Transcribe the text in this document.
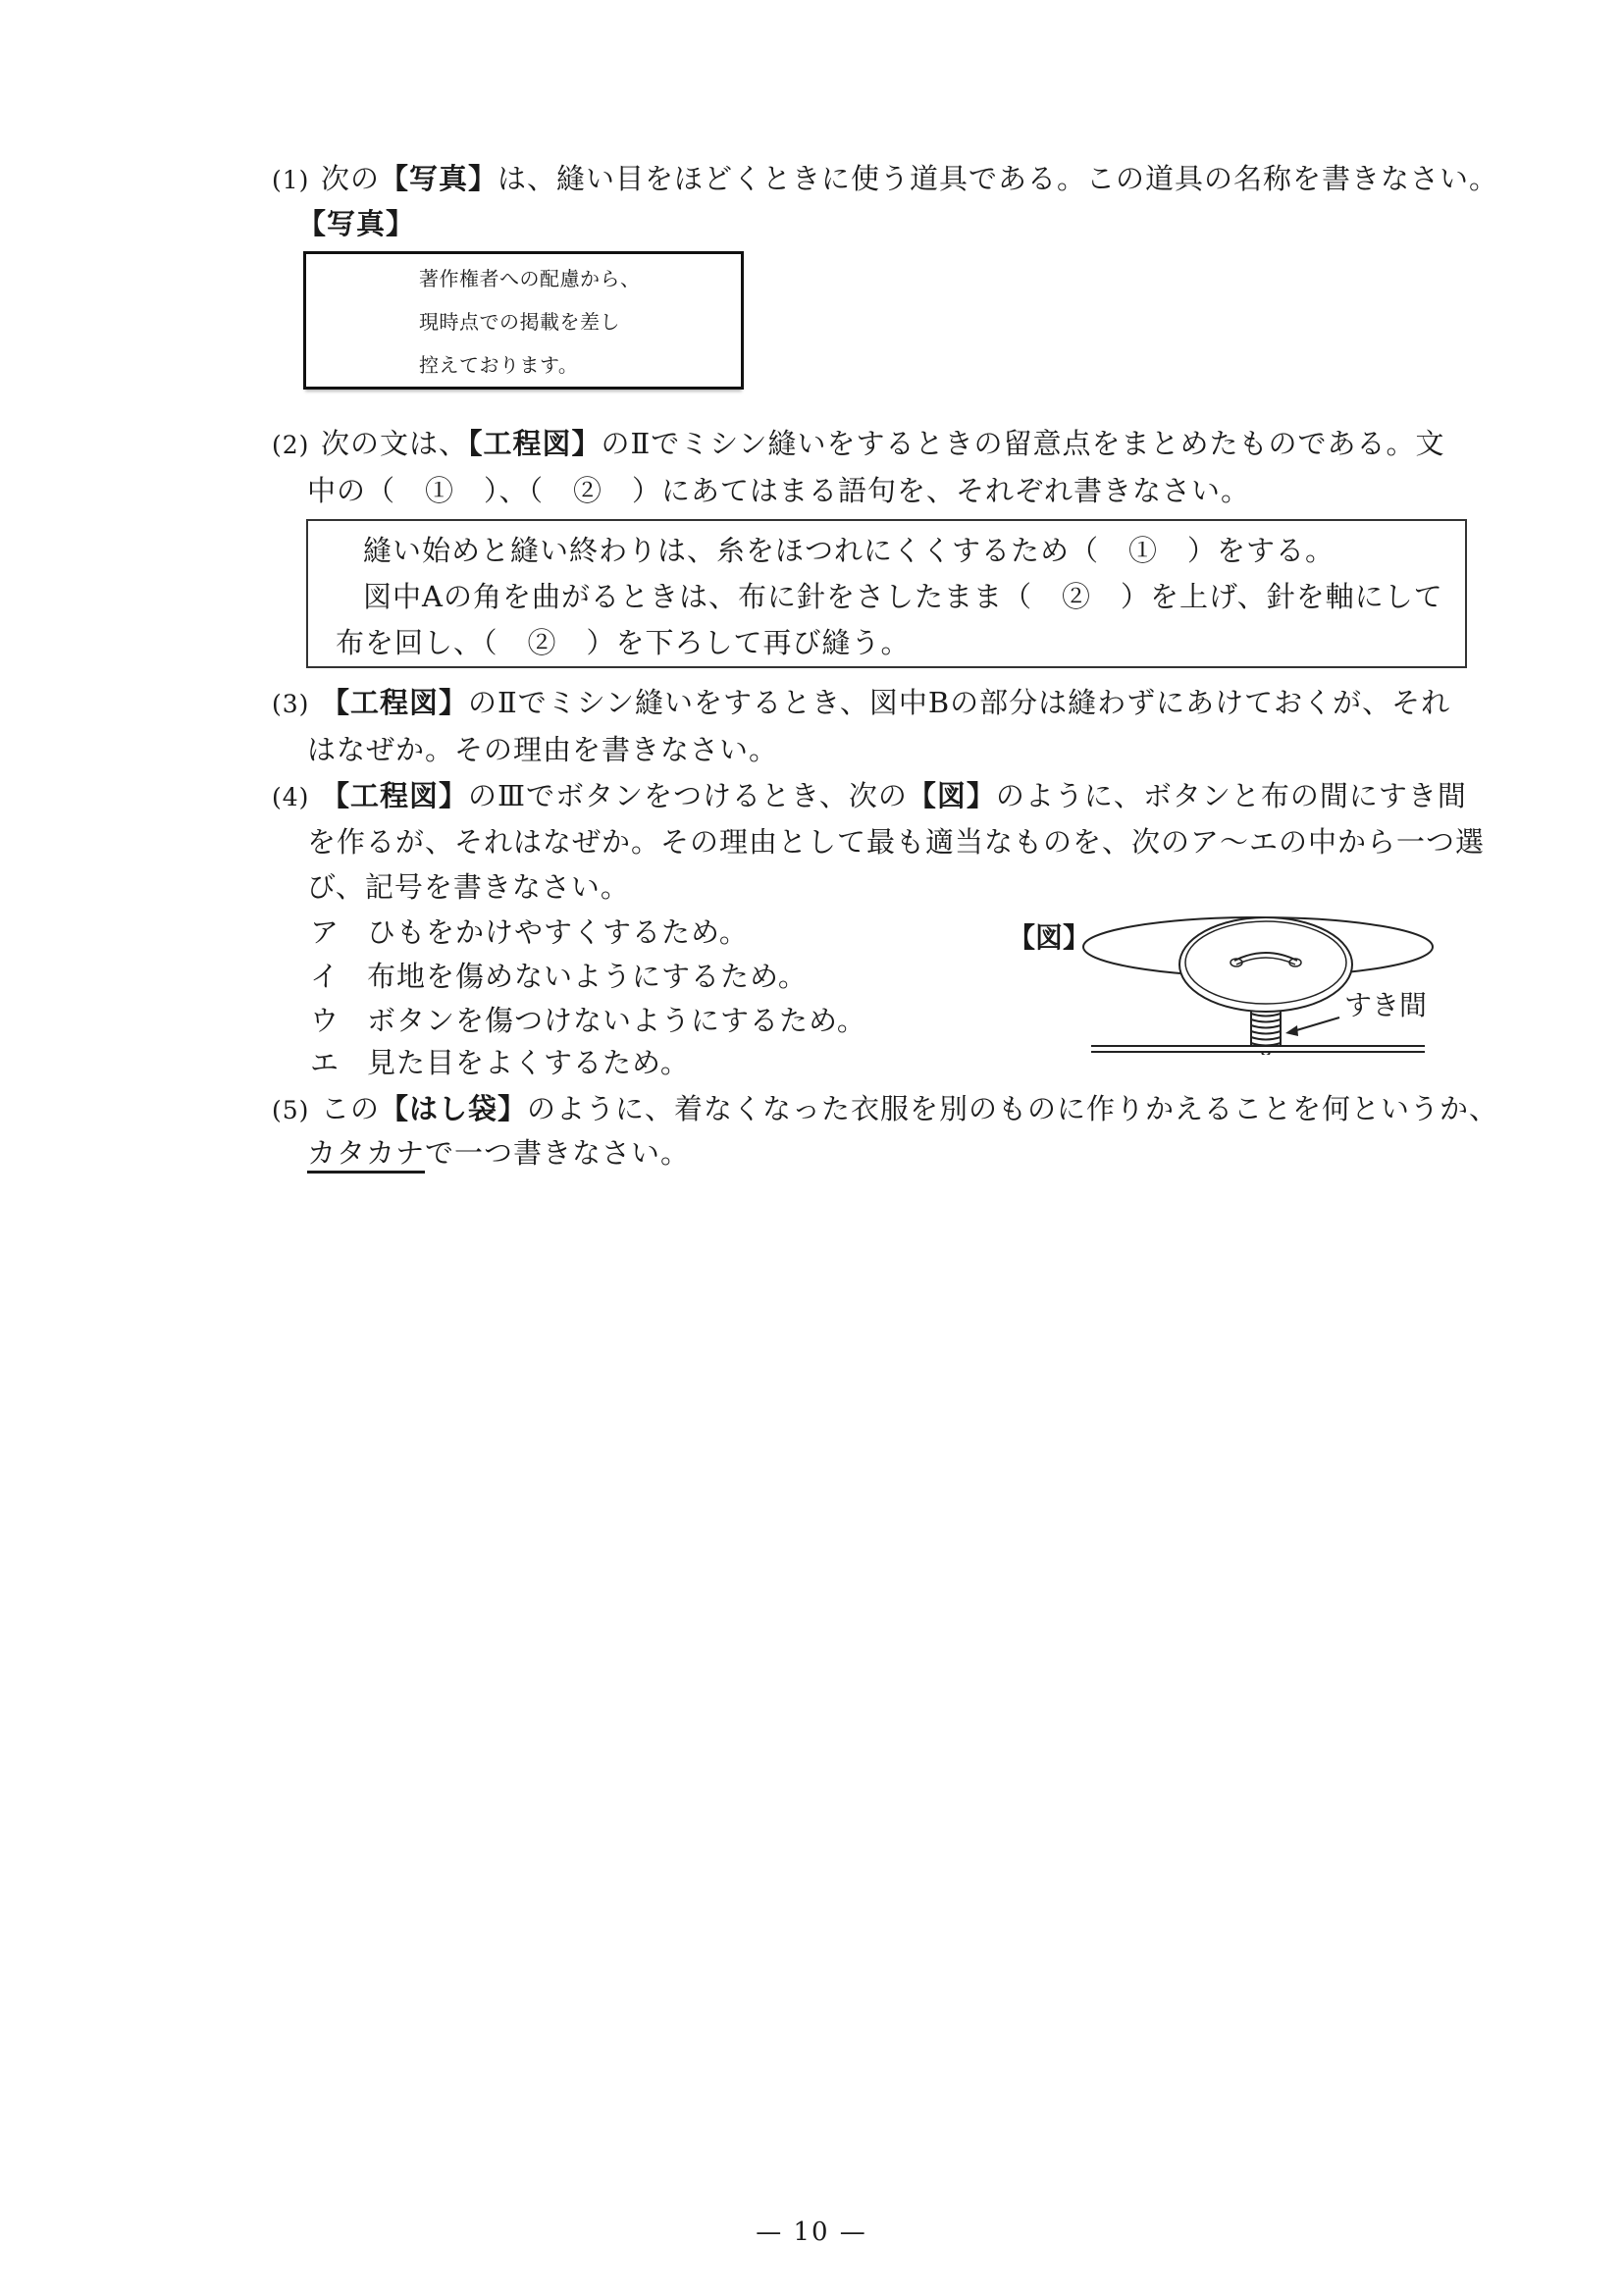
(1) 次の【写真】は、縫い目をほどくときに使う道具である。この道具の名称を書きなさい。
【写真】
著作権者への配慮から、
現時点での掲載を差し
控えております。
(2) 次の文は、【工程図】のⅡでミシン縫いをするときの留意点をまとめたものである。文
中の（　①　）、（　②　）にあてはまる語句を、それぞれ書きなさい。
縫い始めと縫い終わりは、糸をほつれにくくするため（　①　）をする。
図中Aの角を曲がるときは、布に針をさしたまま（　②　）を上げ、針を軸にして
布を回し、（　②　）を下ろして再び縫う。
(3) 【工程図】のⅡでミシン縫いをするとき、図中Bの部分は縫わずにあけておくが、それ
はなぜか。その理由を書きなさい。
(4) 【工程図】のⅢでボタンをつけるとき、次の【図】のように、ボタンと布の間にすき間
を作るが、それはなぜか。その理由として最も適当なものを、次のア～エの中から一つ選
び、記号を書きなさい。
ア ひもをかけやすくするため。
イ 布地を傷めないようにするため。
ウ ボタンを傷つけないようにするため。
エ 見た目をよくするため。
【図】
すき間
(5) この【はし袋】のように、着なくなった衣服を別のものに作りかえることを何というか、
カタカナで一つ書きなさい。
— 10 —
